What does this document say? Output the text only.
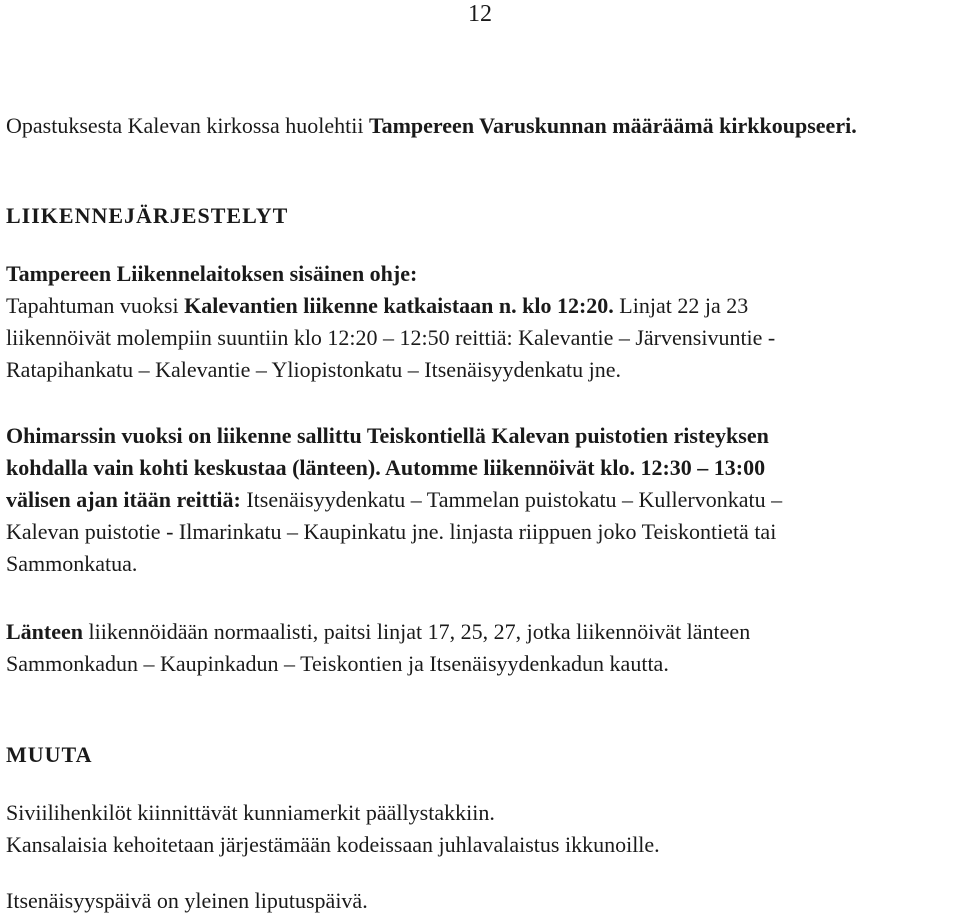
12
Opastuksesta Kalevan kirkossa huolehtii Tampereen Varuskunnan määräämä kirkkoupseeri.
LIIKENNEJÄRJESTELYT
Tampereen Liikennelaitoksen sisäinen ohje:
Tapahtuman vuoksi Kalevantien liikenne katkaistaan n. klo 12:20. Linjat 22 ja 23
liikennöivät molempiin suuntiin klo 12:20 – 12:50 reittiä: Kalevantie – Järvensivuntie -
Ratapihankatu – Kalevantie – Yliopistonkatu – Itsenäisyydenkatu jne.
Ohimarssin vuoksi on liikenne sallittu Teiskontiellä Kalevan puistotien risteyksen
kohdalla vain kohti keskustaa (länteen). Automme liikennöivät klo. 12:30 – 13:00
välisen ajan itään reittiä: Itsenäisyydenkatu – Tammelan puistokatu – Kullervonkatu –
Kalevan puistotie - Ilmarinkatu – Kaupinkatu jne. linjasta riippuen joko Teiskontietä tai
Sammonkatua.
Länteen liikennöidään normaalisti, paitsi linjat 17, 25, 27, jotka liikennöivät länteen
Sammonkadun – Kaupinkadun – Teiskontien ja Itsenäisyydenkadun kautta.
MUUTA
Siviilihenkilöt kiinnittävät kunniamerkit päällystakkiin.
Kansalaisia kehoitetaan järjestämään kodeissaan juhlavalaistus ikkunoille.
Itsenäisyyspäivä on yleinen liputuspäivä.
